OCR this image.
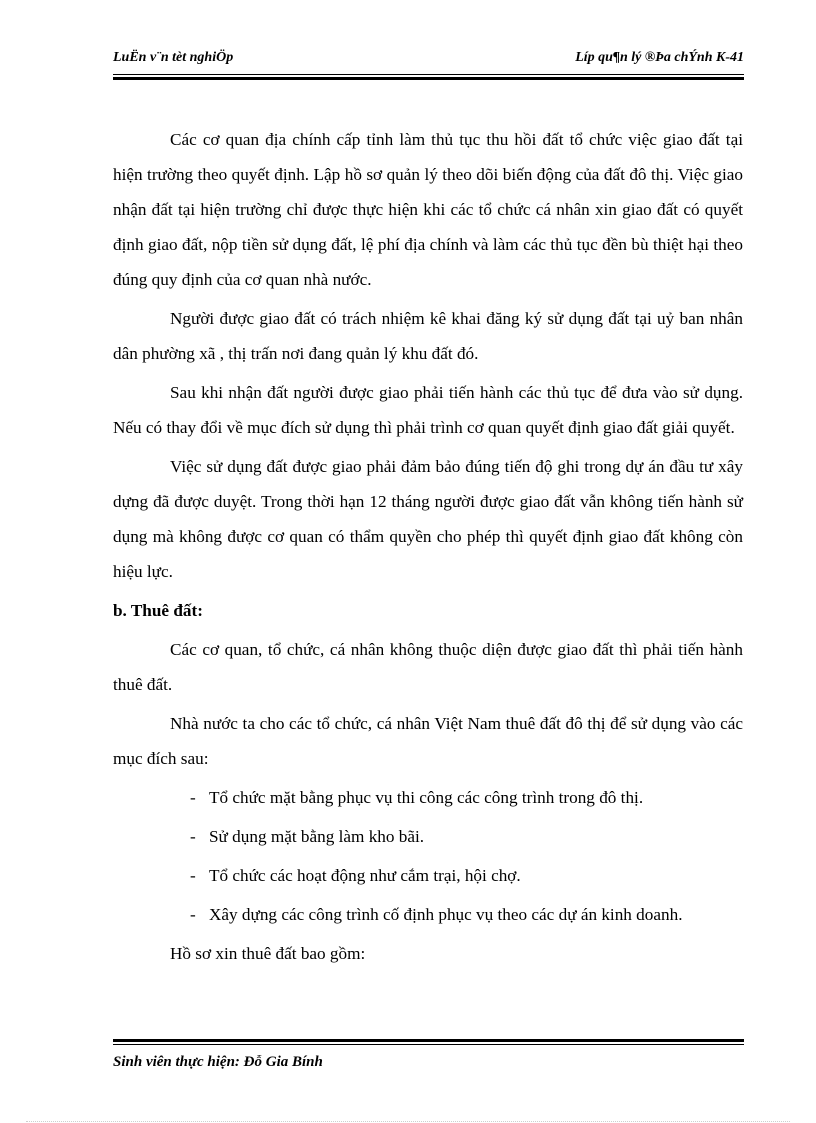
LuËn v¨n tèt nghiÖp	Líp qu¶n lý ®Þa chÝnh K-41

Các cơ quan địa chính cấp tỉnh làm thủ tục thu hồi đất tổ chức việc giao đất tại hiện trường theo quyết định. Lập hồ sơ quản lý theo dõi biến động của đất đô thị. Việc giao nhận đất tại hiện trường chỉ được thực hiện khi các tổ chức cá nhân xin giao đất có quyết định giao đất, nộp tiền sử dụng đất, lệ phí địa chính và làm các thủ tục đền bù thiệt hại theo đúng quy định của cơ quan nhà nước.

Người được giao đất có trách nhiệm kê khai đăng ký sử dụng đất tại uỷ ban nhân dân phường xã , thị trấn nơi đang quản lý khu đất đó.

Sau khi nhận đất người được giao phải tiến hành các thủ tục để đưa vào sử dụng. Nếu có thay đổi về mục đích sử dụng thì phải trình cơ quan quyết định giao đất giải quyết.

Việc sử dụng đất được giao phải đảm bảo đúng tiến độ ghi trong dự án đầu tư xây dựng đã được duyệt. Trong thời hạn 12 tháng người được giao đất vẫn không tiến hành sử dụng mà không được cơ quan có thẩm quyền cho phép thì quyết định giao đất không còn hiệu lực.

b. Thuê đất:

Các cơ quan, tổ chức, cá nhân không thuộc diện được giao đất thì phải tiến hành thuê đất.

Nhà nước ta cho các tổ chức, cá nhân Việt Nam thuê đất đô thị để sử dụng vào các mục đích sau:

- Tổ chức mặt bằng phục vụ thi công các công trình trong đô thị.
- Sử dụng mặt bằng làm kho bãi.
- Tổ chức các hoạt động như cắm trại, hội chợ.
- Xây dựng các công trình cố định phục vụ theo các dự án kinh doanh.

Hồ sơ xin thuê đất bao gồm:

Sinh viên thực hiện: Đỗ Gia Bính
